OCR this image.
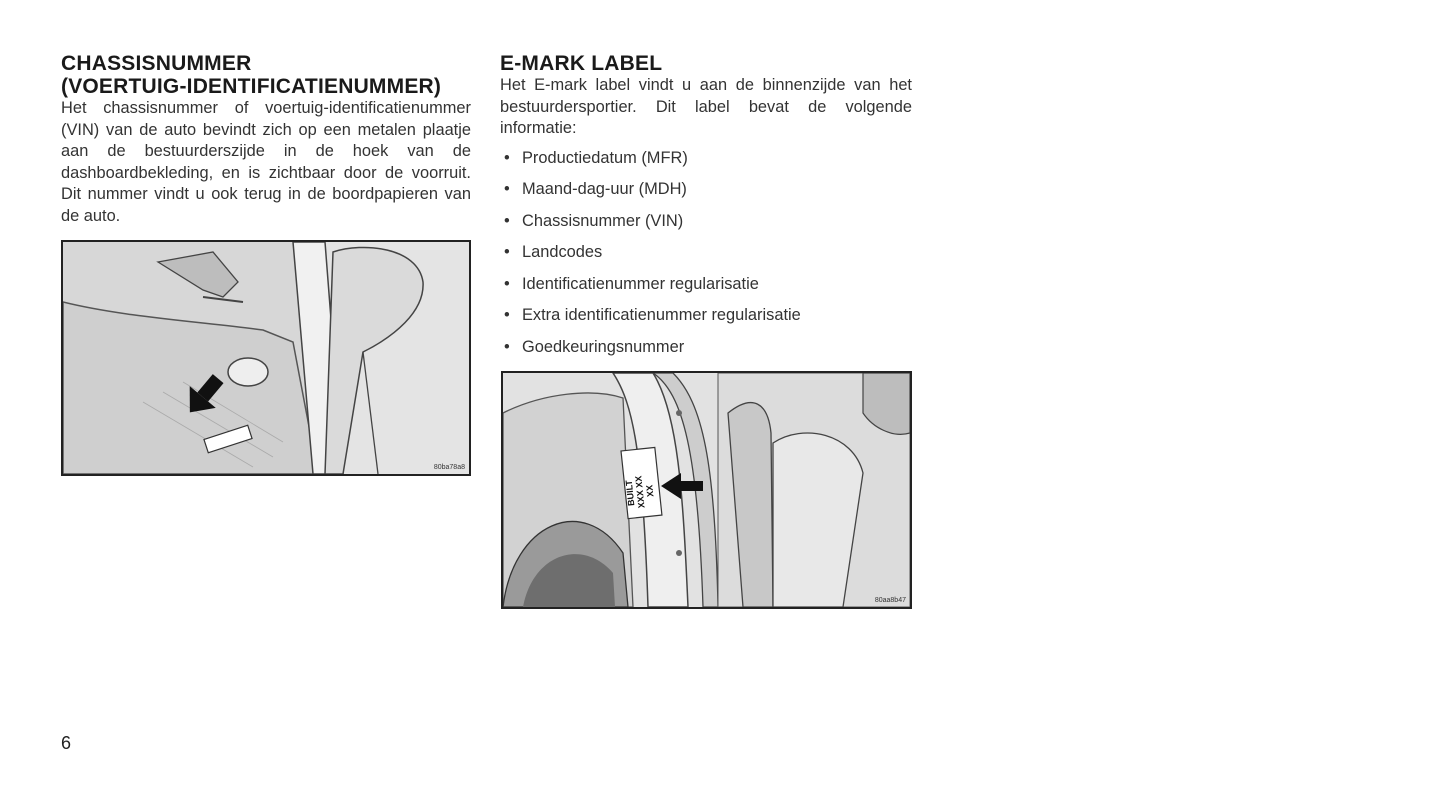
CHASSISNUMMER
(VOERTUIG-IDENTIFICATIENUMMER)

Het chassisnummer of voertuig-identificatienummer (VIN) van de auto bevindt zich op een metalen plaatje aan de bestuurderszijde in de hoek van de dashboardbekleding, en is zichtbaar door de voorruit. Dit nummer vindt u ook terug in de boordpapieren van de auto.

80ba78a8
E-MARK LABEL

Het E-mark label vindt u aan de binnenzijde van het bestuurdersportier. Dit label bevat de volgende informatie:

• Productiedatum (MFR)
• Maand-dag-uur (MDH)
• Chassisnummer (VIN)
• Landcodes
• Identificatienummer regularisatie
• Extra identificatienummer regularisatie
• Goedkeuringsnummer
BUILT
XXX XX
XX
80aa8b47
6
